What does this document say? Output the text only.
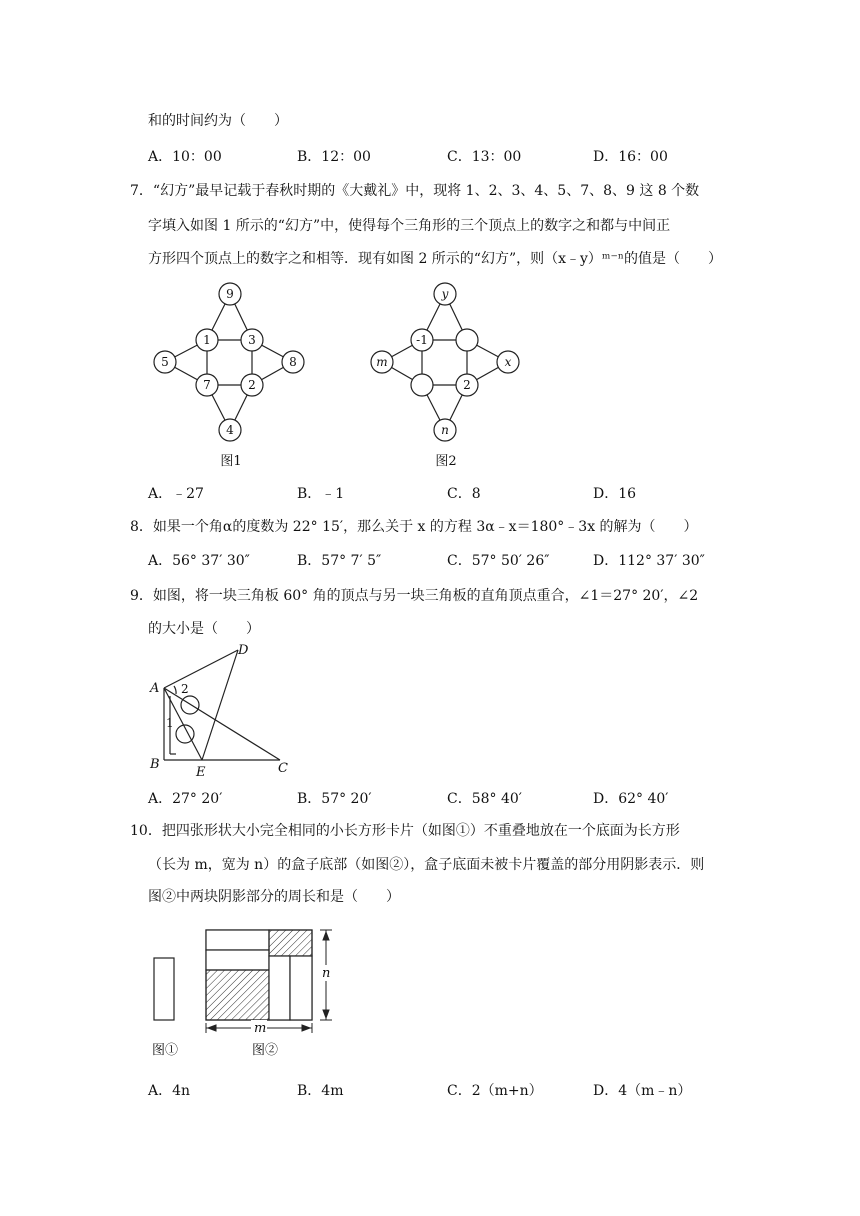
和的时间约为（　　）
A．10：00	B．12：00	C．13：00	D．16：00
7．“幻方”最早记载于春秋时期的《大戴礼》中，现将 1、2、3、4、5、7、8、9 这 8 个数
字填入如图 1 所示的“幻方”中，使得每个三角形的三个顶点上的数字之和都与中间正
方形四个顶点上的数字之和相等．现有如图 2 所示的“幻方”，则（x﹣y）ᵐ⁻ⁿ的值是（　　）
9
1	3
5	8
7	2
4
图1
y
-1
m	x
2
n
图2
A．﹣27	B．﹣1	C．8	D．16
8．如果一个角α的度数为 22° 15′，那么关于 x 的方程 3α﹣x＝180°﹣3x 的解为（　　）
A．56° 37′ 30″	B．57° 7′ 5″	C．57° 50′ 26″	D．112° 37′ 30″
9．如图，将一块三角板 60° 角的顶点与另一块三角板的直角顶点重合，∠1＝27° 20′，∠2
的大小是（　　）
A
B	C
D
E
1
2
A．27° 20′	B．57° 20′	C．58° 40′	D．62° 40′
10．把四张形状大小完全相同的小长方形卡片（如图①）不重叠地放在一个底面为长方形
（长为 m，宽为 n）的盒子底部（如图②），盒子底面未被卡片覆盖的部分用阴影表示．则
图②中两块阴影部分的周长和是（　　）
n
m
图①	图②
A．4n	B．4m	C．2（m+n）	D．4（m﹣n）
